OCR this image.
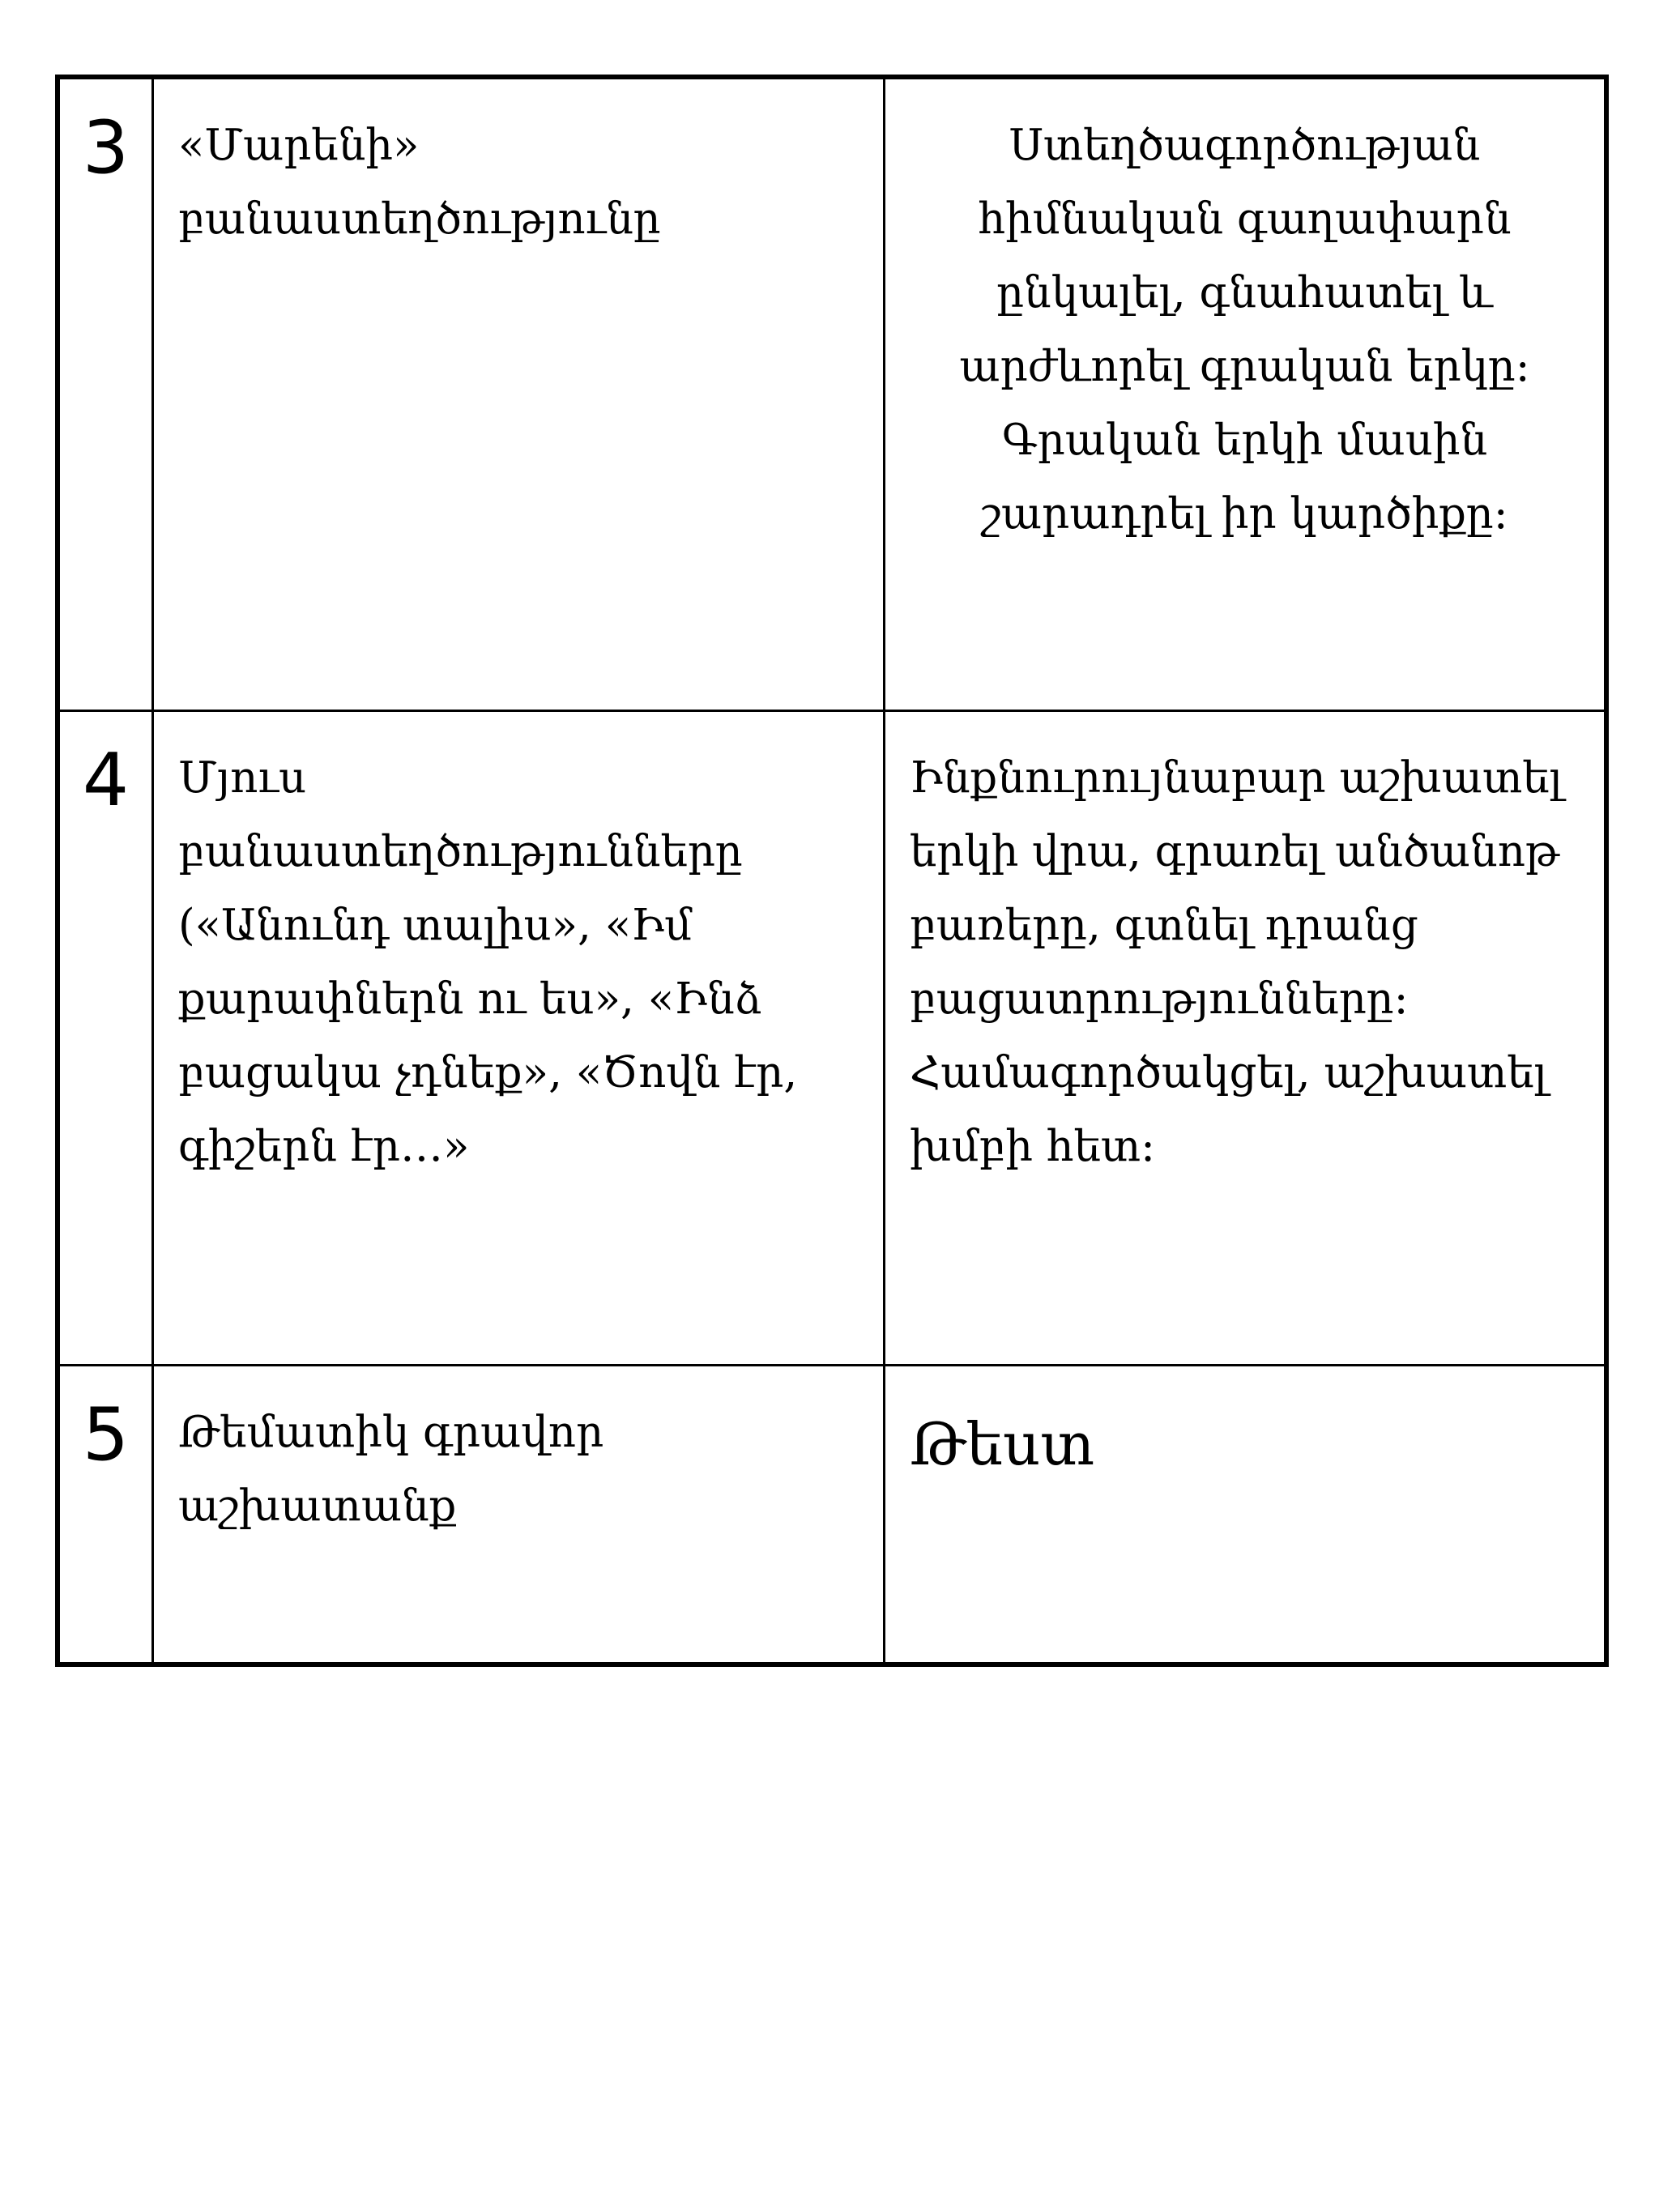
3	«Մարենի» բանաստեղծությունը	Ստեղծագործության հիմնական գաղափարն ընկալել, գնահատել և արժևորել գրական երկը: Գրական երկի մասին շարադրել իր կարծիքը:

4	Մյուս բանաստեղծությունները («Անունդ տալիս», «Իմ քարափներն ու ես», «Ինձ բացակա չդնեք», «Ծովն էր, գիշերն էր…»	Ինքնուրույնաբար աշխատել երկի վրա, գրառել անծանոթ բառերը, գտնել դրանց բացատրությունները: Համագործակցել, աշխատել խմբի հետ:

5	Թեմատիկ գրավոր աշխատանք	Թեստ
